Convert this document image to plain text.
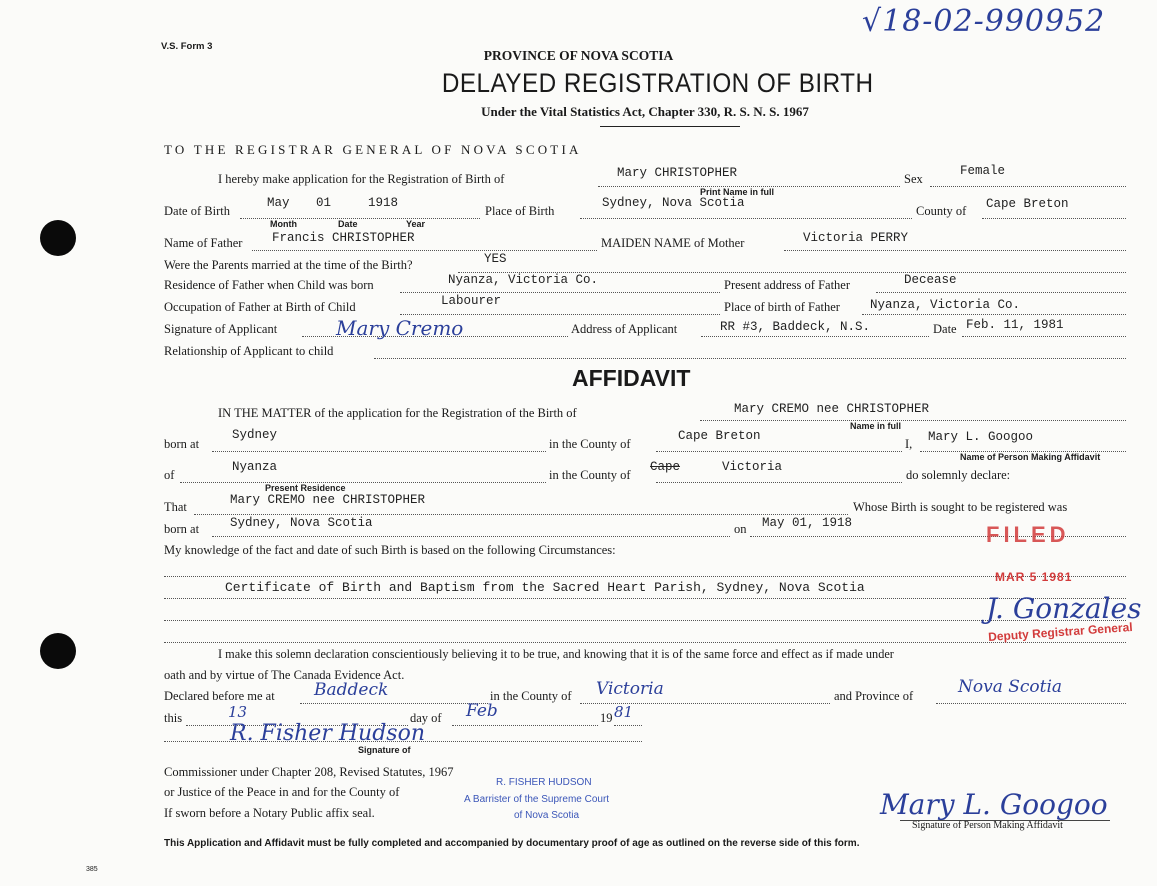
√18-02-990952
V.S. Form 3
PROVINCE OF NOVA SCOTIA
DELAYED REGISTRATION OF BIRTH
Under the Vital Statistics Act, Chapter 330, R. S. N. S. 1967
TO THE REGISTRAR GENERAL OF NOVA SCOTIA
I hereby make application for the Registration of Birth of	Mary CHRISTOPHER	Sex
Female
Print Name in full
Date of Birth
May 01	1918
Month	Date	Year
Place of Birth
Sydney, Nova Scotia
County of Cape Breton
Name of Father Francis CHRISTOPHER	MAIDEN NAME of Mother	Victoria PERRY
Were the Parents married at the time of the Birth?	YES
Residence of Father when Child was born	Nyanza, Victoria Co.	Present address of Father	Decease
Occupation of Father at Birth of Child	Labourer	Place of birth of Father Nyanza, Victoria Co.
Signature of Applicant	Mary Cremo	Address of Applicant	RR #3, Baddeck, N.S.	Date Feb. 11, 1981
Relationship of Applicant to child
AFFIDAVIT
IN THE MATTER of the application for the Registration of the Birth of	Mary CREMO nee CHRISTOPHER
Name in full
born at
Sydney
in the County of
Cape Breton
I, Mary L. Googoo
Name of Person Making Affidavit
of
Nyanza
Present Residence
in the County of
Cape	Victoria
do solemnly declare:
That	Mary CREMO nee CHRISTOPHER	Whose Birth is sought to be registered was
born at Sydney, Nova Scotia	on May 01, 1918
My knowledge of the fact and date of such Birth is based on the following Circumstances:
Certificate of Birth and Baptism from the Sacred Heart Parish, Sydney, Nova Scotia
I make this solemn declaration conscientiously believing it to be true, and knowing that it is of the same force and effect as if made under
oath and by virtue of The Canada Evidence Act.
Declared before me at Baddeck	in the County of Victoria	and Province of	Nova Scotia
this	13	day of Feb	19 81
R. Fisher Hudson
Signature of
Commissioner under Chapter 208, Revised Statutes, 1967
or Justice of the Peace in and for the County of
If sworn before a Notary Public affix seal.
R. FISHER HUDSON
A Barrister of the Supreme Court
of Nova Scotia	Mary L. Googoo
Signature of Person Making Affidavit
FILED
MAR 5 1981
J. Gonzales
Deputy Registrar General
This Application and Affidavit must be fully completed and accompanied by documentary proof of age as outlined on the reverse side of this form.
385
